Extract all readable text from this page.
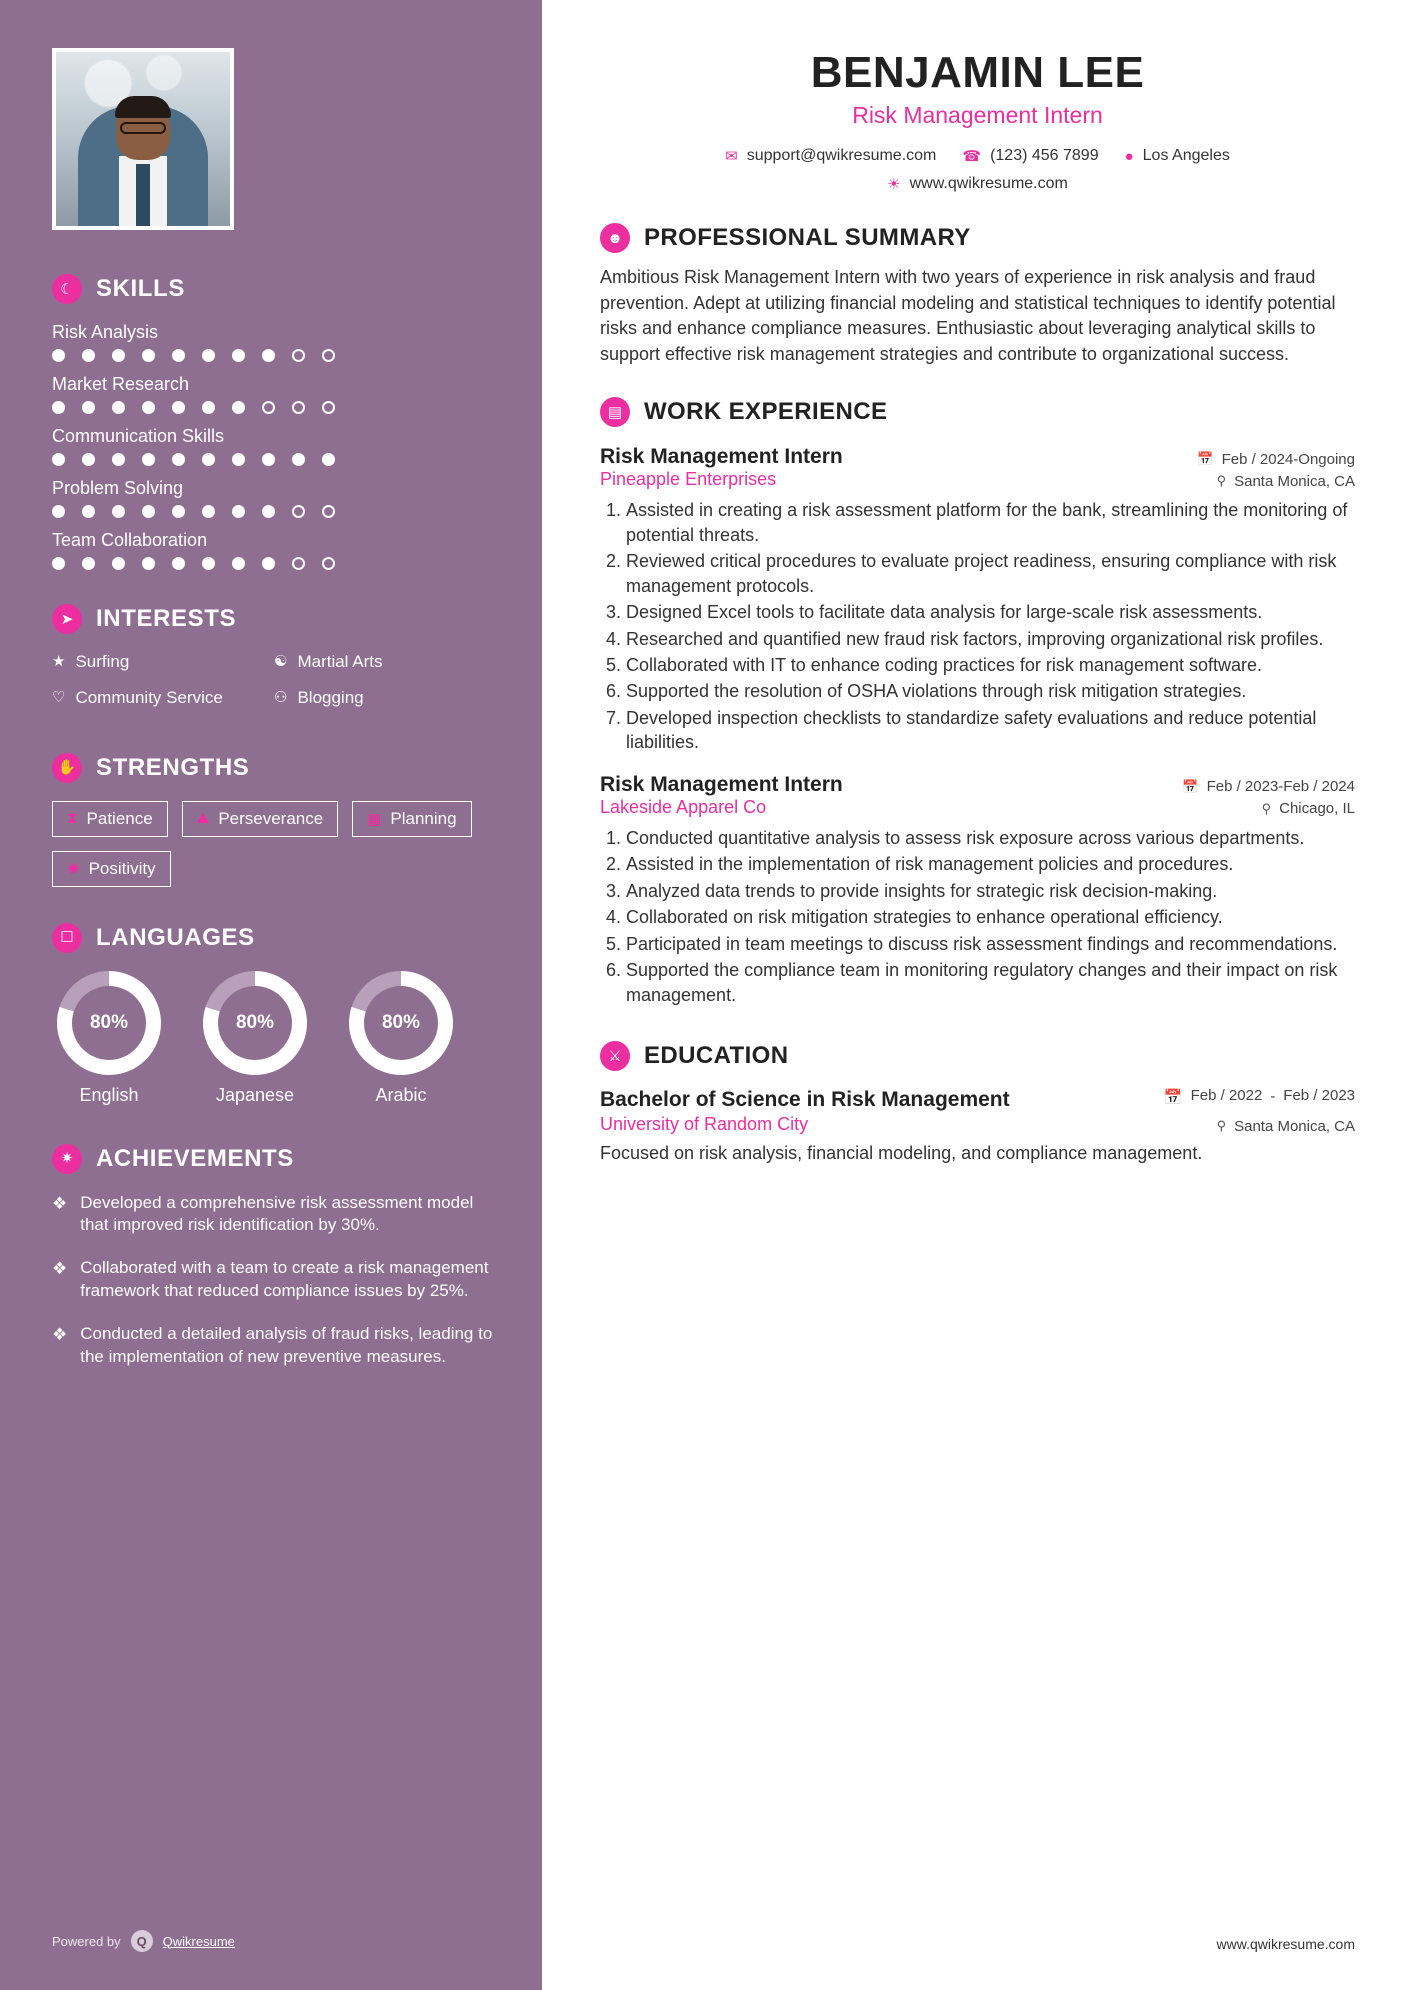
☾ SKILLS
Risk Analysis
Market Research
Communication Skills
Problem Solving
Team Collaboration
➤ INTERESTS
★ Surfing	☯ Martial Arts
♡ Community Service	⚇ Blogging
✋ STRENGTHS
⧗ Patience	⛰ Perseverance	▦ Planning
✺ Positivity
☐ LANGUAGES
80%
English
80%
Japanese
80%
Arabic
✷ ACHIEVEMENTS
❖ Developed a comprehensive risk assessment model that improved risk identification by 30%.
❖ Collaborated with a team to create a risk management framework that reduced compliance issues by 25%.
❖ Conducted a detailed analysis of fraud risks, leading to the implementation of new preventive measures.
Powered by	Q	Qwikresume
BENJAMIN LEE
Risk Management Intern
✉ support@qwikresume.com ☎ (123) 456 7899 ● Los Angeles
☀ www.qwikresume.com
☻ PROFESSIONAL SUMMARY
Ambitious Risk Management Intern with two years of experience in risk analysis and fraud prevention. Adept at utilizing financial modeling and statistical techniques to identify potential risks and enhance compliance measures. Enthusiastic about leveraging analytical skills to support effective risk management strategies and contribute to organizational success.
▤ WORK EXPERIENCE
Risk Management Intern	📅 Feb / 2024-Ongoing
Pineapple Enterprises	⚲ Santa Monica, CA
1. Assisted in creating a risk assessment platform for the bank, streamlining the monitoring of potential threats.
2. Reviewed critical procedures to evaluate project readiness, ensuring compliance with risk management protocols.
3. Designed Excel tools to facilitate data analysis for large-scale risk assessments.
4. Researched and quantified new fraud risk factors, improving organizational risk profiles.
5. Collaborated with IT to enhance coding practices for risk management software.
6. Supported the resolution of OSHA violations through risk mitigation strategies.
7. Developed inspection checklists to standardize safety evaluations and reduce potential liabilities.
Risk Management Intern	📅 Feb / 2023-Feb / 2024
Lakeside Apparel Co	⚲ Chicago, IL
1. Conducted quantitative analysis to assess risk exposure across various departments.
2. Assisted in the implementation of risk management policies and procedures.
3. Analyzed data trends to provide insights for strategic risk decision-making.
4. Collaborated on risk mitigation strategies to enhance operational efficiency.
5. Participated in team meetings to discuss risk assessment findings and recommendations.
6. Supported the compliance team in monitoring regulatory changes and their impact on risk management.
⚔ EDUCATION
Bachelor of Science in Risk Management	📅 Feb / 2022 - Feb / 2023
University of Random City	⚲ Santa Monica, CA
Focused on risk analysis, financial modeling, and compliance management.
www.qwikresume.com
